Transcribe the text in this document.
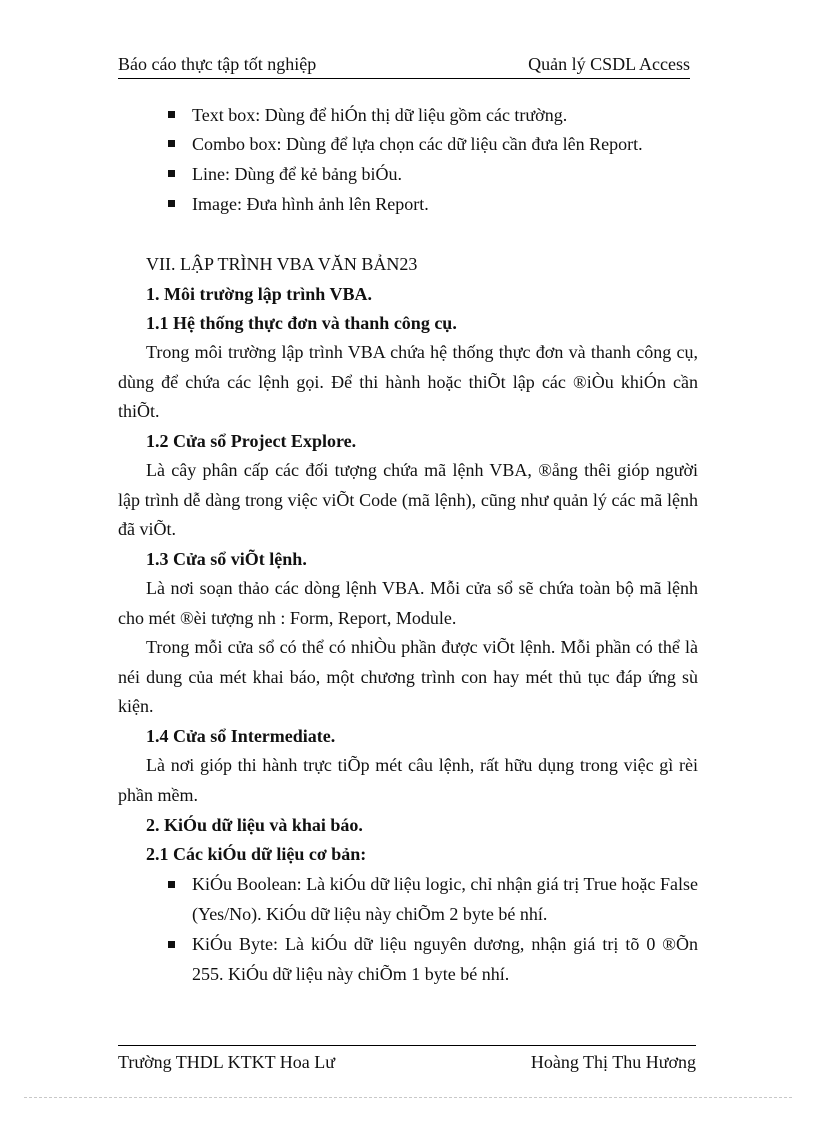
Báo cáo thực tập tốt nghiệp	Quản lý CSDL Access
Text box: Dùng để hiÓn thị dữ liệu gồm các trường.
Combo box: Dùng để lựa chọn các dữ liệu cần đưa lên Report.
Line: Dùng để kẻ bảng biÓu.
Image: Đưa hình ảnh lên Report.
VII. LẬP TRÌNH VBA VĂN BẢN23
1. Môi trường lập trình VBA.
1.1 Hệ thống thực đơn và thanh công cụ.
Trong môi trường lập trình VBA chứa hệ thống thực đơn và thanh công cụ, dùng để chứa các lệnh gọi. Để thi hành hoặc thiÕt lập các ®iÒu khiÓn cần thiÕt.
1.2 Cửa sổ Project Explore.
Là cây phân cấp các đối tượng chứa mã lệnh VBA, ®ång thêi gióp người lập trình dễ dàng trong việc viÕt Code (mã lệnh), cũng như quản lý các mã lệnh đã viÕt.
1.3 Cửa sổ viÕt lệnh.
Là nơi soạn thảo các dòng lệnh VBA. Mỗi cửa sổ sẽ chứa toàn bộ mã lệnh cho mét ®èi tượng nh : Form, Report, Module.
Trong mỗi cửa sổ có thể có nhiÒu phần được viÕt lệnh. Mỗi phần có thể là néi dung của mét khai báo, một chương trình con hay mét thủ tục đáp ứng sù kiện.
1.4 Cửa sổ Intermediate.
Là nơi gióp thi hành trực tiÕp mét câu lệnh, rất hữu dụng trong việc gì rèi phần mềm.
2. KiÓu dữ liệu và khai báo.
2.1 Các kiÓu dữ liệu cơ bản:
KiÓu Boolean: Là kiÓu dữ liệu logic, chỉ nhận giá trị True hoặc False (Yes/No). KiÓu dữ liệu này chiÕm 2 byte bé nhí.
KiÓu Byte: Là kiÓu dữ liệu nguyên dương, nhận giá trị tõ 0 ®Õn 255. KiÓu dữ liệu này chiÕm 1 byte bé nhí.
Trường THDL KTKT Hoa Lư	Hoàng Thị Thu Hương
